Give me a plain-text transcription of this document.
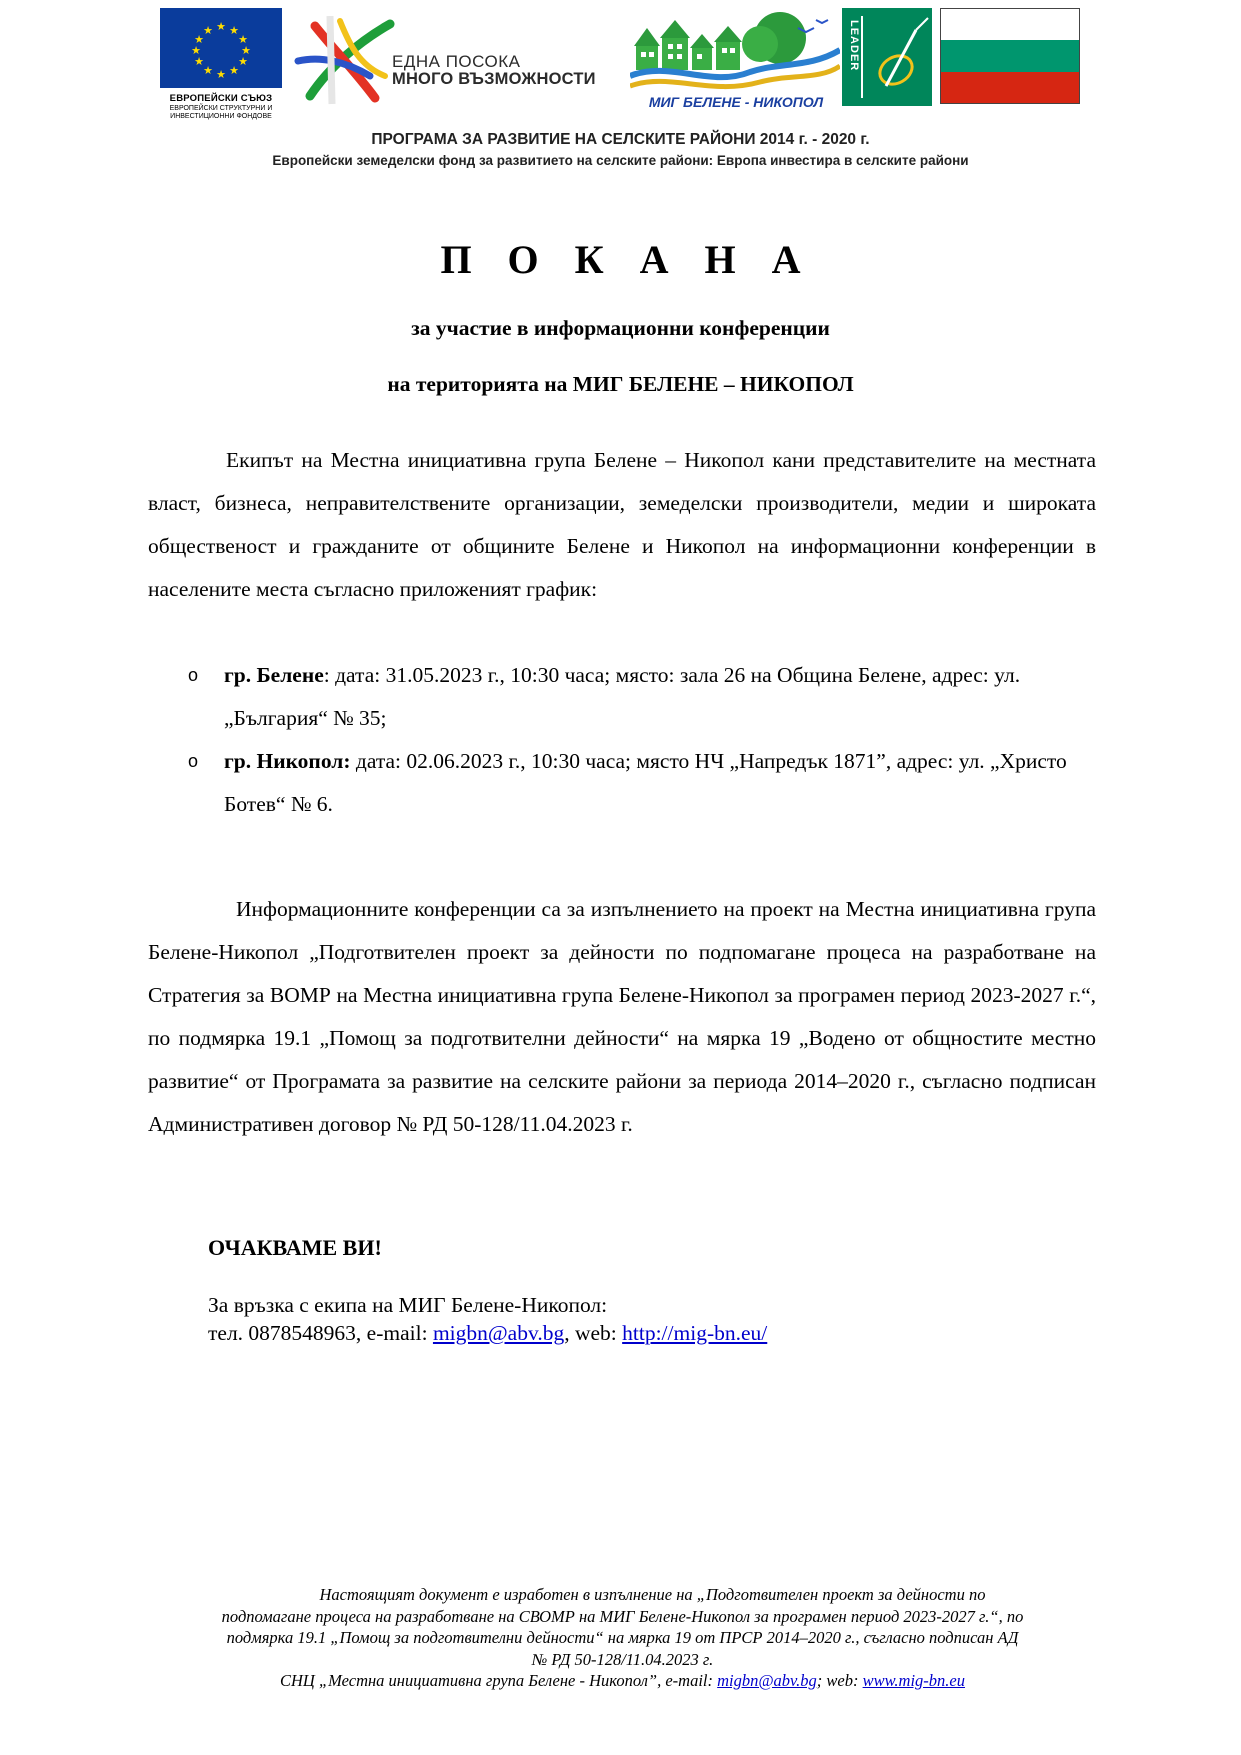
★ ★
★
★
★
★
★
★
★
★
★
★
ЕВРОПЕЙСКИ СЪЮЗ
ЕВРОПЕЙСКИ СТРУКТУРНИ И ИНВЕСТИЦИОННИ ФОНДОВЕ
ЕДНА ПОСОКА
МНОГО ВЪЗМОЖНОСТИ
МИГ БЕЛЕНЕ - НИКОПОЛ
LEADER
ПРОГРАМА ЗА РАЗВИТИЕ НА СЕЛСКИТЕ РАЙОНИ 2014 г. - 2020 г.
Европейски земеделски фонд за развитието на селските райони: Европа инвестира в селските райони
П О К А Н А
за участие в информационни конференции
на територията на МИГ БЕЛЕНЕ – НИКОПОЛ

Екипът на Местна инициативна група Белене – Никопол кани представителите на местната власт, бизнеса, неправителствените организации, земеделски производители, медии и широката общественост и гражданите от общините Белене и Никопол на информационни конференции в населените места съгласно приложеният график:

o гр. Белене: дата: 31.05.2023 г., 10:30 часа; място: зала 26 на Община Белене, адрес: ул. „България“ № 35;
o гр. Никопол: дата: 02.06.2023 г., 10:30 часа; място НЧ „Напредък 1871”, адрес: ул. „Христо Ботев“ № 6.

Информационните конференции са за изпълнението на проект на Местна инициативна група Белене-Никопол „Подготвителен проект за дейности по подпомагане процеса на разработване на Стратегия за ВОМР на Местна инициативна група Белене-Никопол за програмен период 2023-2027 г.“, по подмярка 19.1 „Помощ за подготвителни дейности“ на мярка 19 „Водено от общностите местно развитие“ от Програмата за развитие на селските райони за периода 2014–2020 г., съгласно подписан Административен договор № РД 50-128/11.04.2023 г.

ОЧАКВАМЕ ВИ!
За връзка с екипа на МИГ Белене-Никопол:
тел. 0878548963, e-mail: migbn@abv.bg, web: http://mig-bn.eu/
Настоящият документ е изработен в изпълнение на „Подготвителен проект за дейности по
подпомагане процеса на разработване на СВОМР на МИГ Белене-Никопол за програмен период 2023-2027 г.“, по
подмярка 19.1 „Помощ за подготвителни дейности“ на мярка 19 от ПРСР 2014–2020 г., съгласно подписан АД
№ РД 50-128/11.04.2023 г.
СНЦ „Местна инициативна група Белене - Никопол”, e-mail: migbn@abv.bg; web: www.mig-bn.eu
